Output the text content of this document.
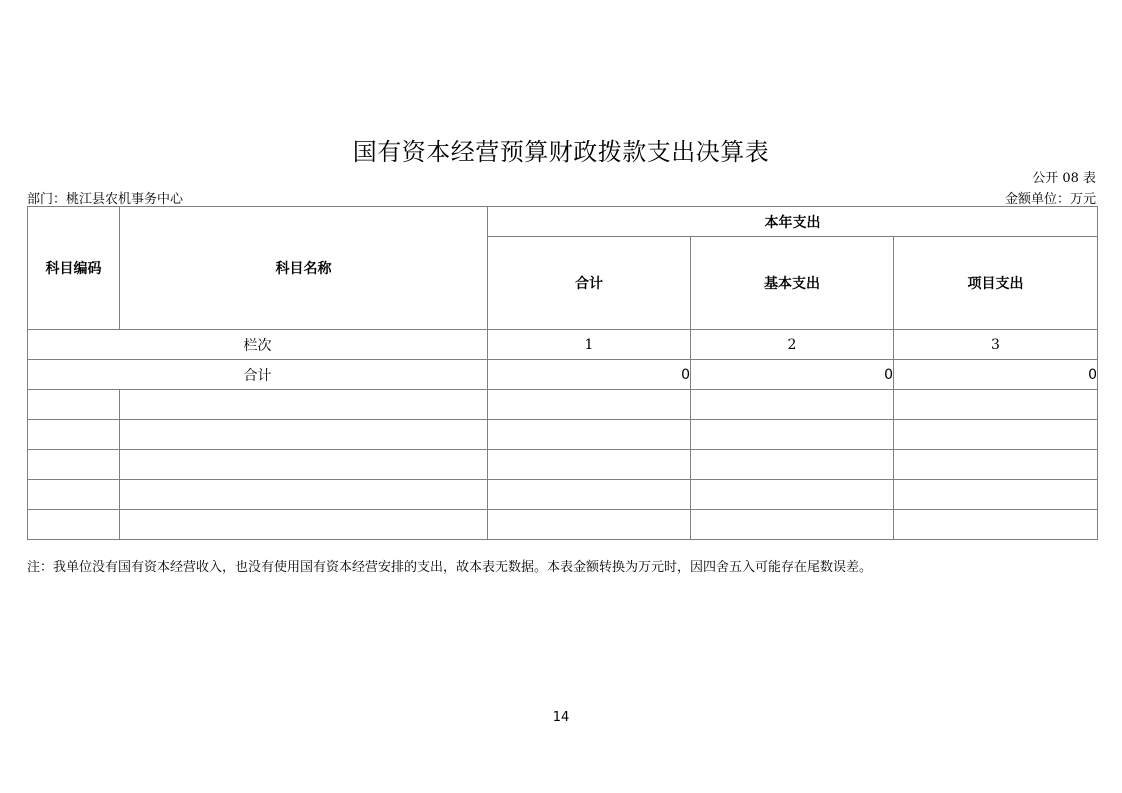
国有资本经营预算财政拨款支出决算表
公开 08 表
部门：桃江县农机事务中心	金额单位：万元
科目编码	科目名称	本年支出		
		合计	基本支出	项目支出
栏次		1	2	3
合计		0	0	0

注：我单位没有国有资本经营收入，也没有使用国有资本经营安排的支出，故本表无数据。本表金额转换为万元时，因四舍五入可能存在尾数误差。
14
